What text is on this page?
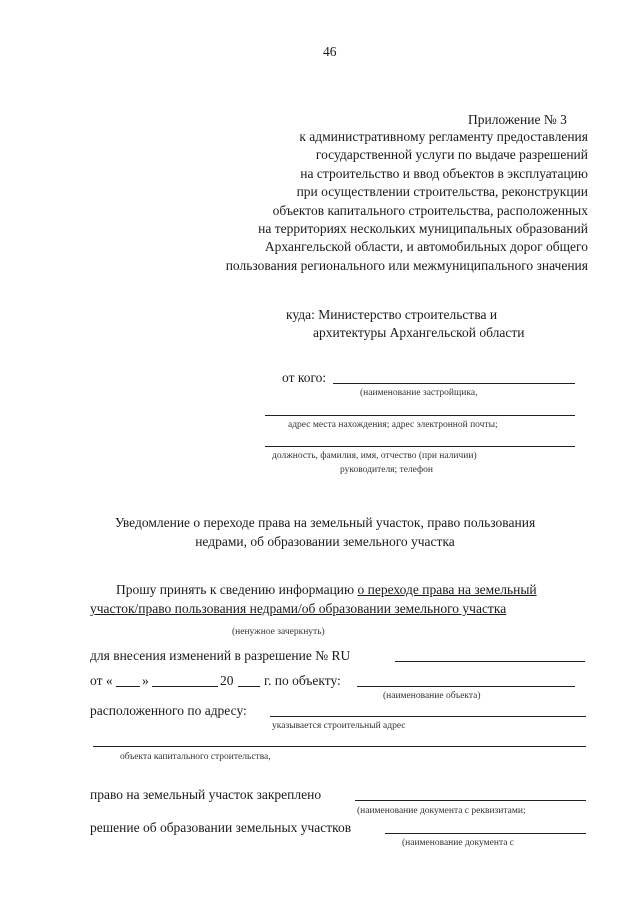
46
Приложение № 3
к административному регламенту предоставления
государственной услуги по выдаче разрешений
на строительство и ввод объектов в эксплуатацию
при осуществлении строительства, реконструкции
объектов капитального строительства, расположенных
на территориях нескольких муниципальных образований
Архангельской области, и автомобильных дорог общего
пользования регионального или межмуниципального значения
куда: Министерство строительства и
архитектуры Архангельской области
от кого:
(наименование застройщика,
адрес места нахождения; адрес электронной почты;
должность, фамилия, имя, отчество (при наличии)
руководителя; телефон
Уведомление о переходе права на земельный участок, право пользования
недрами, об образовании земельного участка
Прошу принять к сведению информацию о переходе права на земельный
участок/право пользования недрами/об образовании земельного участка
(ненужное зачеркнуть)
для внесения изменений в разрешение № RU
от « »	20 г. по объекту:
(наименование объекта)
расположенного по адресу:
указывается строительный адрес
объекта капитального строительства,
право на земельный участок закреплено
(наименование документа с реквизитами;
решение об образовании земельных участков
(наименование документа с
